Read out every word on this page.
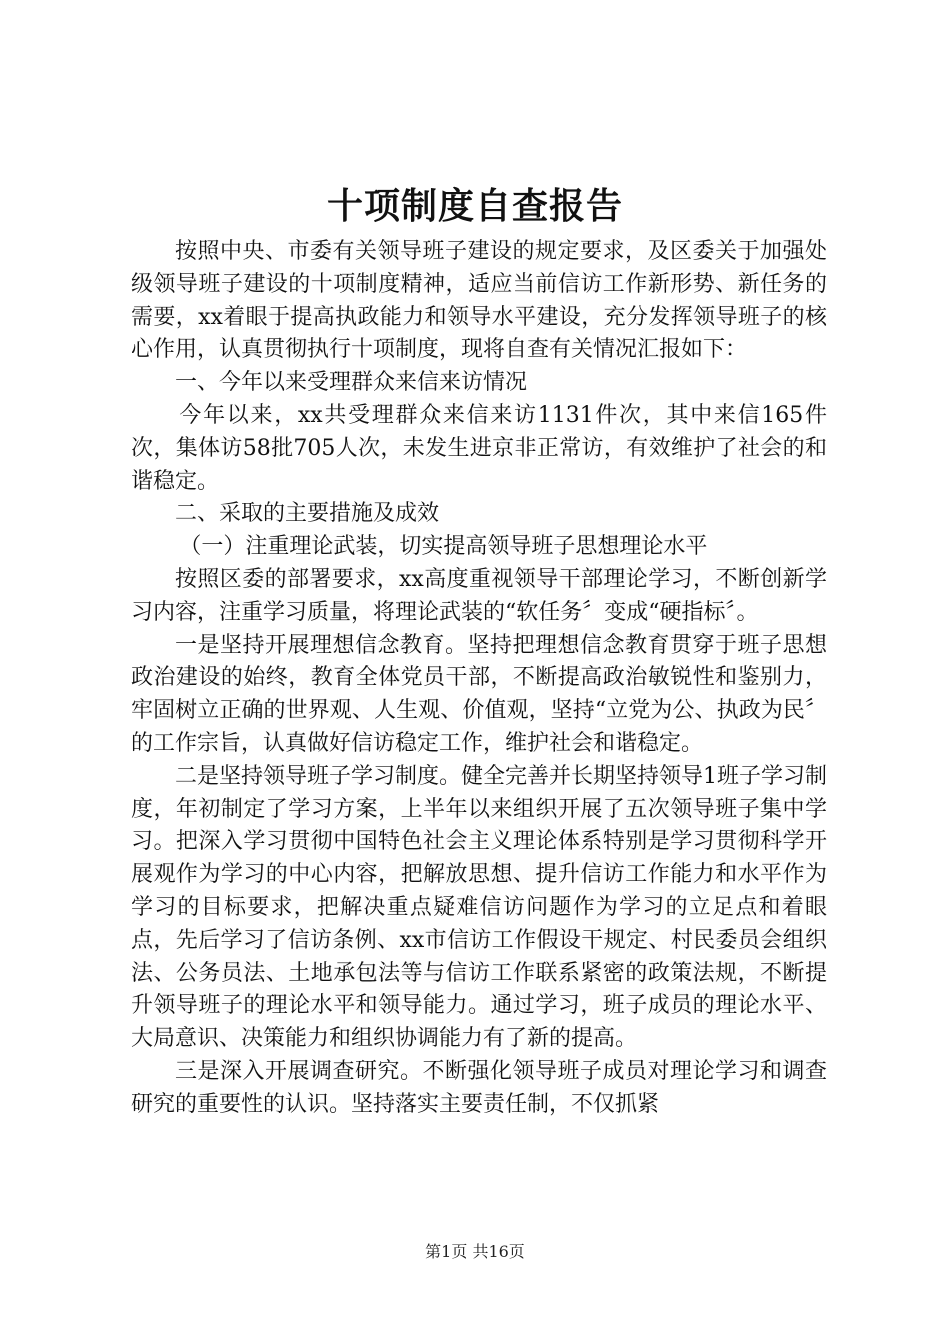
十项制度自查报告

按照中央、市委有关领导班子建设的规定要求，及区委关于加强处级领导班子建设的十项制度精神，适应当前信访工作新形势、新任务的需要，xx着眼于提高执政能力和领导水平建设，充分发挥领导班子的核心作用，认真贯彻执行十项制度，现将自查有关情况汇报如下：

一、今年以来受理群众来信来访情况

今年以来，xx共受理群众来信来访1131件次，其中来信165件次，集体访58批705人次，未发生进京非正常访，有效维护了社会的和谐稳定。

二、采取的主要措施及成效

（一）注重理论武装，切实提高领导班子思想理论水平

按照区委的部署要求，xx高度重视领导干部理论学习，不断创新学习内容，注重学习质量，将理论武装的“软任务〞变成“硬指标〞。

一是坚持开展理想信念教育。坚持把理想信念教育贯穿于班子思想政治建设的始终，教育全体党员干部，不断提高政治敏锐性和鉴别力，牢固树立正确的世界观、人生观、价值观，坚持“立党为公、执政为民〞的工作宗旨，认真做好信访稳定工作，维护社会和谐稳定。

二是坚持领导班子学习制度。健全完善并长期坚持领导1班子学习制度，年初制定了学习方案，上半年以来组织开展了五次领导班子集中学习。把深入学习贯彻中国特色社会主义理论体系特别是学习贯彻科学开展观作为学习的中心内容，把解放思想、提升信访工作能力和水平作为学习的目标要求，把解决重点疑难信访问题作为学习的立足点和着眼点，先后学习了信访条例、xx市信访工作假设干规定、村民委员会组织法、公务员法、土地承包法等与信访工作联系紧密的政策法规，不断提升领导班子的理论水平和领导能力。通过学习，班子成员的理论水平、大局意识、决策能力和组织协调能力有了新的提高。

三是深入开展调查研究。不断强化领导班子成员对理论学习和调查研究的重要性的认识。坚持落实主要责任制，不仅抓紧

第1页 共16页
